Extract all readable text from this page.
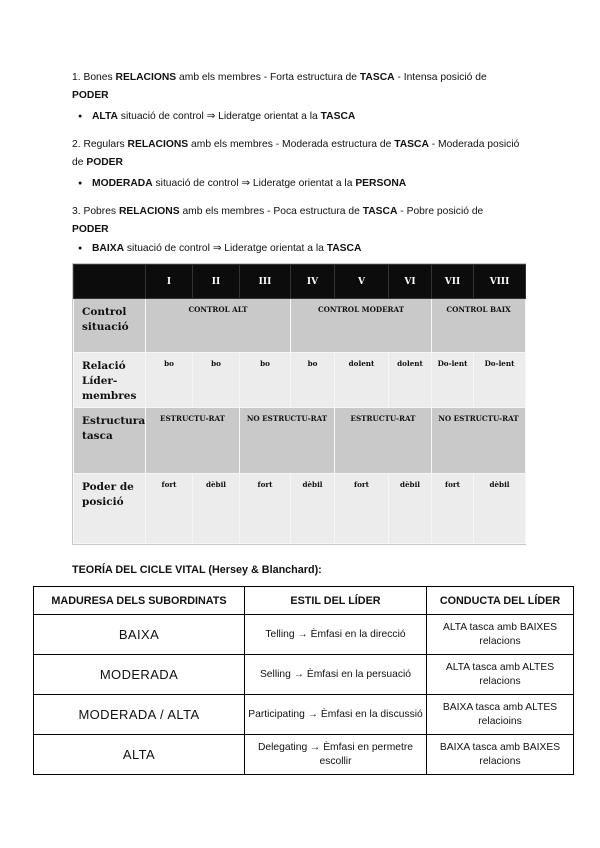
1. Bones RELACIONS amb els membres - Forta estructura de TASCA - Intensa posició de
PODER
● ALTA situació de control ⇒ Lideratge orientat a la TASCA
2. Regulars RELACIONS amb els membres - Moderada estructura de TASCA - Moderada posició de PODER
● MODERADA situació de control ⇒ Lideratge orientat a la PERSONA
3. Pobres RELACIONS amb els membres - Poca estructura de TASCA - Pobre posició de
PODER
● BAIXA situació de control ⇒ Lideratge orientat a la TASCA
	I	II	III	IV	V	VI	VII	VIII
Control situació	CONTROL ALT			CONTROL MODERAT			CONTROL BAIX	
Relació Líder-membres	bo	bo	bo	bo	dolent	dolent	Do-lent	Do-lent
Estructura tasca	ESTRUCTU-RAT		NO ESTRUCTU-RAT		ESTRUCTU-RAT		NO ESTRUCTU-RAT	
Poder de posició	fort	dèbil	fort	dèbil	fort	dèbil	fort	dèbil
TEORÍA DEL CICLE VITAL (Hersey & Blanchard):
MADURESA DELS SUBORDINATS	ESTIL DEL LÍDER	CONDUCTA DEL LÍDER
BAIXA	Telling → Èmfasi en la direcció	ALTA tasca amb BAIXES relacions
MODERADA	Selling → Èmfasi en la persuació	ALTA tasca amb ALTES relacions
MODERADA / ALTA	Participating → Èmfasi en la discussió	BAIXA tasca amb ALTES relacioins
ALTA	Delegating → Èmfasi en permetre escollir	BAIXA tasca amb BAIXES relacions
